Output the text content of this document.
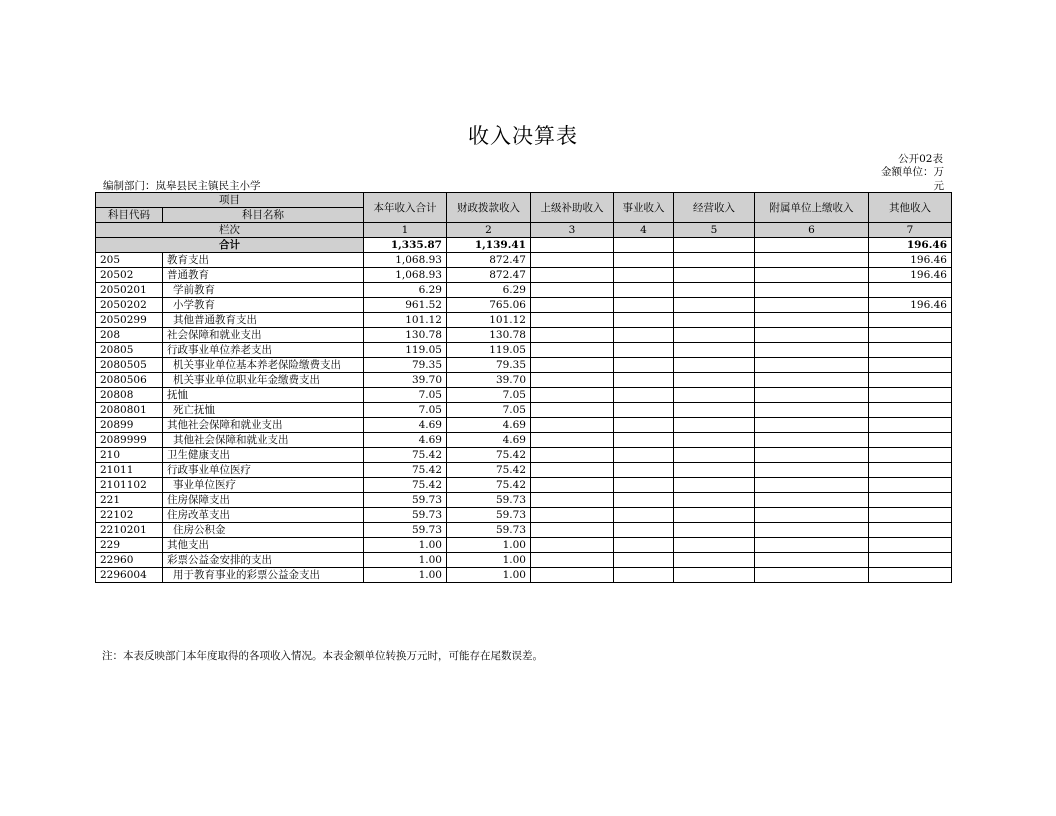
收入决算表
公开02表
金额单位：万
元
编制部门：岚皋县民主镇民主小学
项目		本年收入合计	财政拨款收入	上级补助收入	事业收入	经营收入	附属单位上缴收入	其他收入
科目代码	科目名称							
栏次		1	2	3	4	5	6	7
合计		1,335.87	1,139.41					196.46
205	教育支出	1,068.93	872.47					196.46
20502	普通教育	1,068.93	872.47					196.46
2050201	学前教育	6.29	6.29					
2050202	小学教育	961.52	765.06					196.46
2050299	其他普通教育支出	101.12	101.12					
208	社会保障和就业支出	130.78	130.78					
20805	行政事业单位养老支出	119.05	119.05					
2080505	机关事业单位基本养老保险缴费支出	79.35	79.35					
2080506	机关事业单位职业年金缴费支出	39.70	39.70					
20808	抚恤	7.05	7.05					
2080801	死亡抚恤	7.05	7.05					
20899	其他社会保障和就业支出	4.69	4.69					
2089999	其他社会保障和就业支出	4.69	4.69					
210	卫生健康支出	75.42	75.42					
21011	行政事业单位医疗	75.42	75.42					
2101102	事业单位医疗	75.42	75.42					
221	住房保障支出	59.73	59.73					
22102	住房改革支出	59.73	59.73					
2210201	住房公积金	59.73	59.73					
229	其他支出	1.00	1.00					
22960	彩票公益金安排的支出	1.00	1.00					
2296004	用于教育事业的彩票公益金支出	1.00	1.00					
注：本表反映部门本年度取得的各项收入情况。本表金额单位转换万元时，可能存在尾数误差。
